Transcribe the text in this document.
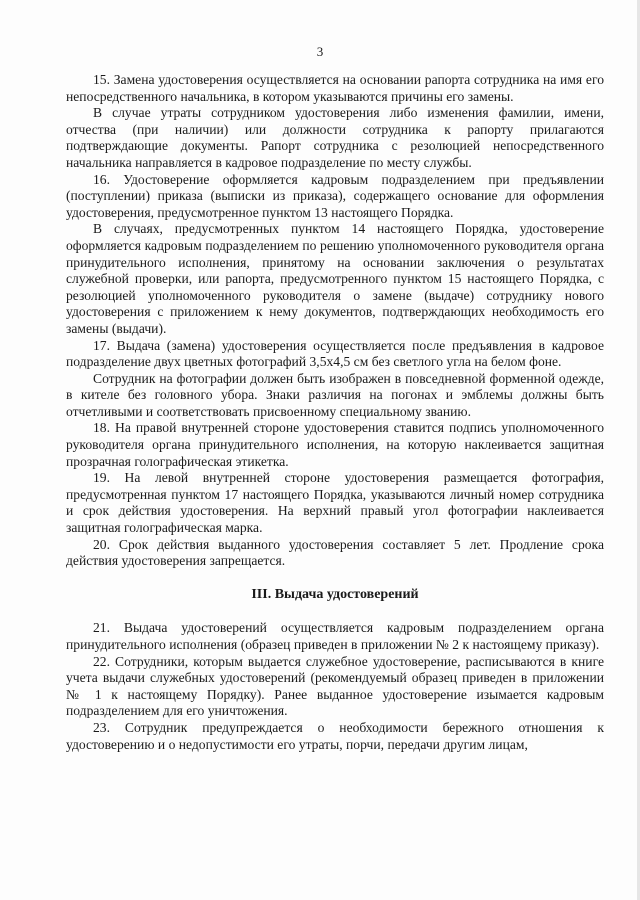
3

15. Замена удостоверения осуществляется на основании рапорта сотрудника на имя его непосредственного начальника, в котором указываются причины его замены.

В случае утраты сотрудником удостоверения либо изменения фамилии, имени, отчества (при наличии) или должности сотрудника к рапорту прилагаются подтверждающие документы. Рапорт сотрудника с резолюцией непосредственного начальника направляется в кадровое подразделение по месту службы.

16. Удостоверение оформляется кадровым подразделением при предъявлении (поступлении) приказа (выписки из приказа), содержащего основание для оформления удостоверения, предусмотренное пунктом 13 настоящего Порядка.

В случаях, предусмотренных пунктом 14 настоящего Порядка, удостоверение оформляется кадровым подразделением по решению уполномоченного руководителя органа принудительного исполнения, принятому на основании заключения о результатах служебной проверки, или рапорта, предусмотренного пунктом 15 настоящего Порядка, с резолюцией уполномоченного руководителя о замене (выдаче) сотруднику нового удостоверения с приложением к нему документов, подтверждающих необходимость его замены (выдачи).

17. Выдача (замена) удостоверения осуществляется после предъявления в кадровое подразделение двух цветных фотографий 3,5х4,5 см без светлого угла на белом фоне.

Сотрудник на фотографии должен быть изображен в повседневной форменной одежде, в кителе без головного убора. Знаки различия на погонах и эмблемы должны быть отчетливыми и соответствовать присвоенному специальному званию.

18. На правой внутренней стороне удостоверения ставится подпись уполномоченного руководителя органа принудительного исполнения, на которую наклеивается защитная прозрачная голографическая этикетка.

19. На левой внутренней стороне удостоверения размещается фотография, предусмотренная пунктом 17 настоящего Порядка, указываются личный номер сотрудника и срок действия удостоверения. На верхний правый угол фотографии наклеивается защитная голографическая марка.

20. Срок действия выданного удостоверения составляет 5 лет. Продление срока действия удостоверения запрещается.

III. Выдача удостоверений

21. Выдача удостоверений осуществляется кадровым подразделением органа принудительного исполнения (образец приведен в приложении № 2 к настоящему приказу).

22. Сотрудники, которым выдается служебное удостоверение, расписываются в книге учета выдачи служебных удостоверений (рекомендуемый образец приведен в приложении № 1 к настоящему Порядку). Ранее выданное удостоверение изымается кадровым подразделением для его уничтожения.

23. Сотрудник предупреждается о необходимости бережного отношения к удостоверению и о недопустимости его утраты, порчи, передачи другим лицам,
